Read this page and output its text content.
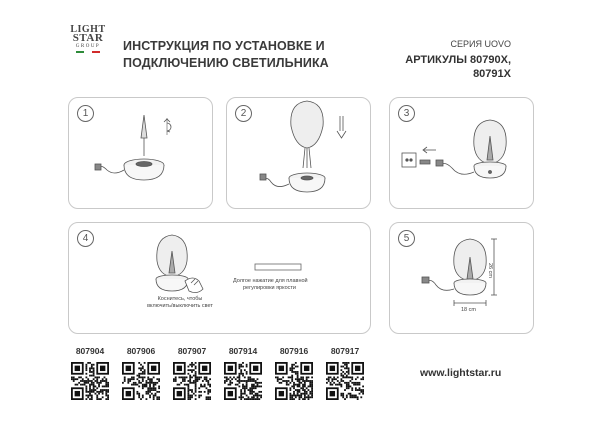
LIGHT
STAR
GROUP	ИНСТРУКЦИЯ ПО УСТАНОВКЕ И
ПОДКЛЮЧЕНИЮ СВЕТИЛЬНИКА
СЕРИЯ UOVO
АРТИКУЛЫ 80790X,
80791X
1	2	3
4
Коснитесь, чтобы
включить/выключить свет
Долгое нажатие для плавной
регулировки яркости
5
26 cm
18 cm
807904	807906	807907	807914	807916	807917
www.lightstar.ru
